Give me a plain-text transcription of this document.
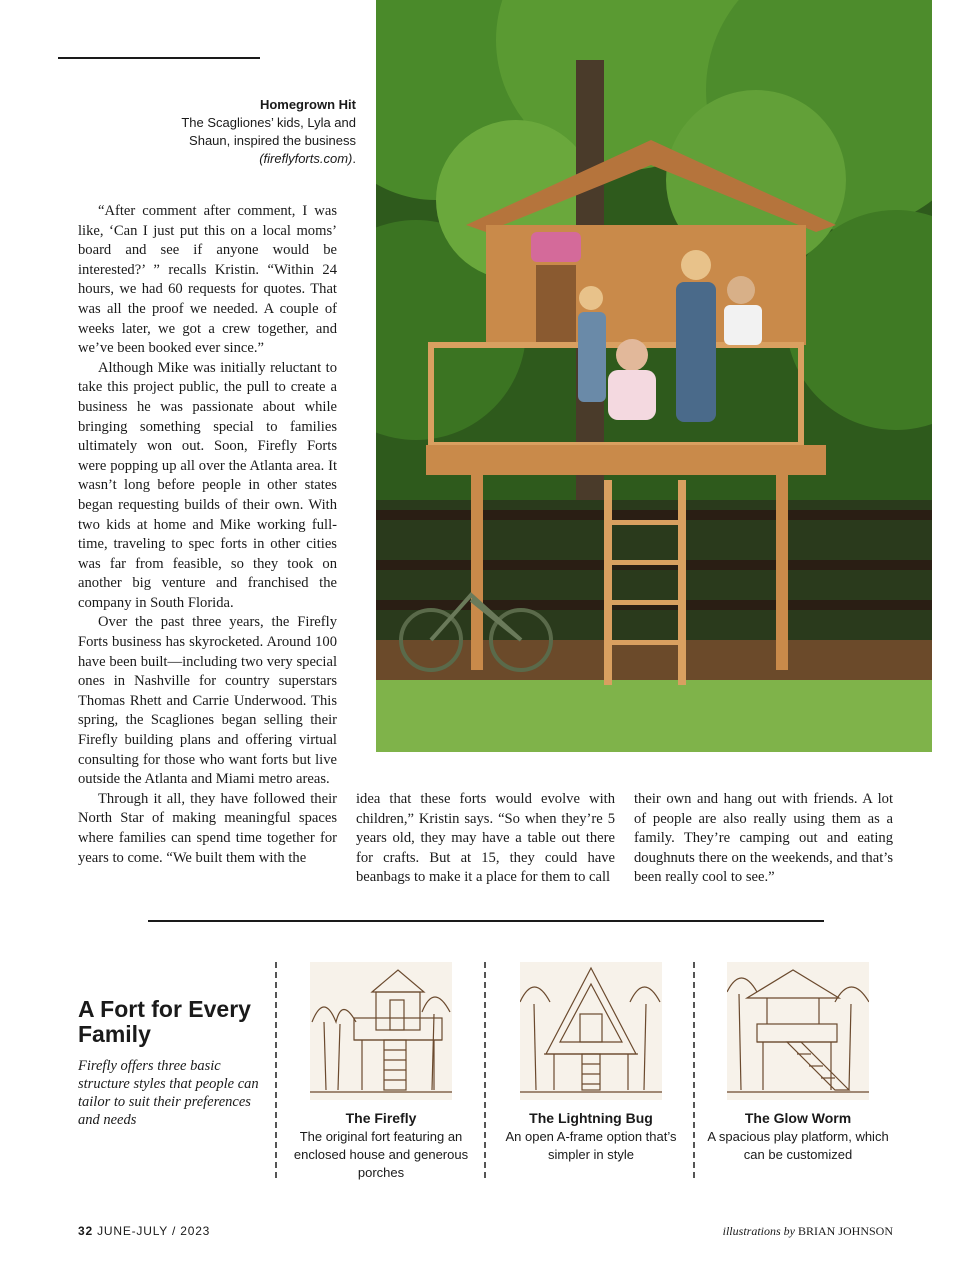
Homegrown Hit
The Scagliones’ kids, Lyla and Shaun, inspired the business (fireflyforts.com).

“After comment after comment, I was like, ‘Can I just put this on a local moms’ board and see if anyone would be interested?’ ” recalls Kristin. “Within 24 hours, we had 60 requests for quotes. That was all the proof we needed. A couple of weeks later, we got a crew together, and we’ve been booked ever since.”

Although Mike was initially reluctant to take this project public, the pull to create a business he was passionate about while bringing something special to families ultimately won out. Soon, Firefly Forts were popping up all over the Atlanta area. It wasn’t long before people in other states began requesting builds of their own. With two kids at home and Mike working full-time, traveling to spec forts in other cities was far from feasible, so they took on another big venture and franchised the company in South Florida.

Over the past three years, the Firefly Forts business has skyrocketed. Around 100 have been built—including two very special ones in Nashville for country superstars Thomas Rhett and Carrie Underwood. This spring, the Scagliones began selling their Firefly building plans and offering virtual consulting for those who want forts but live outside the Atlanta and Miami metro areas.

Through it all, they have followed their North Star of making meaningful spaces where families can spend time together for years to come. “We built them with the

idea that these forts would evolve with children,” Kristin says. “So when they’re 5 years old, they may have a table out there for crafts. But at 15, they could have beanbags to make it a place for them to call

their own and hang out with friends. A lot of people are also really using them as a family. They’re camping out and eating doughnuts there on the weekends, and that’s been really cool to see.”

A Fort for Every Family
Firefly offers three basic structure styles that people can tailor to suit their preferences and needs	The Firefly
The original fort featuring an enclosed house and generous porches
The Lightning Bug
An open A-frame option that’s simpler in style
The Glow Worm
A spacious play platform, which can be customized
32 JUNE-JULY / 2023	illustrations by BRIAN JOHNSON
